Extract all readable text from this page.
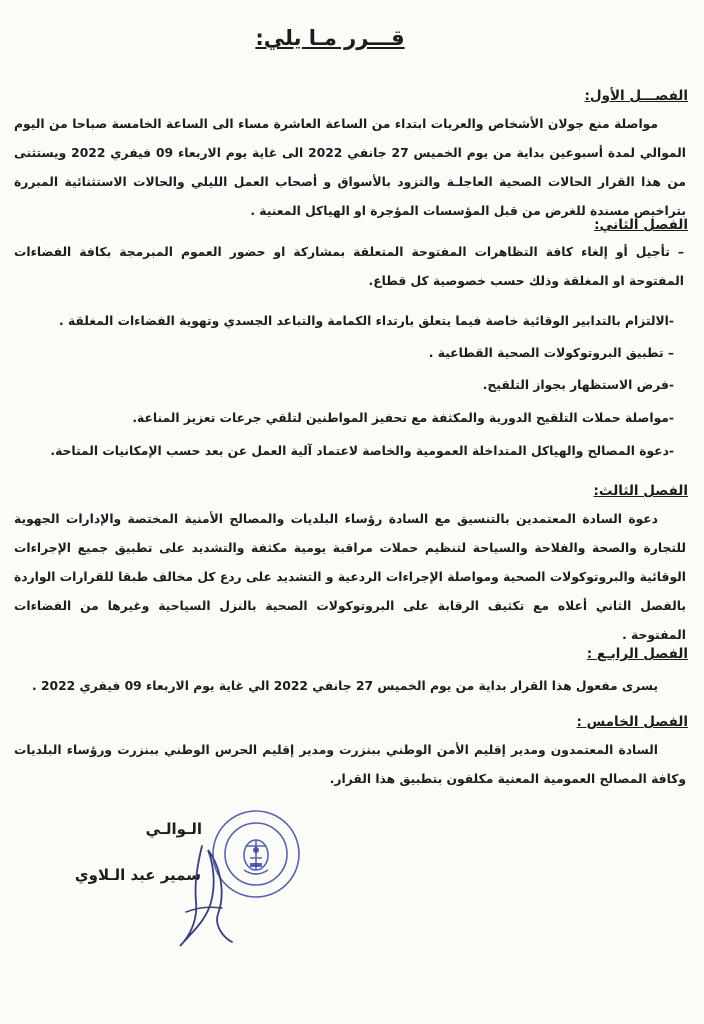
قـــرر مـا يلي:
الفصـــل الأول:
مواصلة منع جولان الأشخاص والعربات ابتداء من الساعة العاشرة مساء الى الساعة الخامسة صباحا من اليوم الموالي لمدة أسبوعين بداية من يوم الخميس 27 جانفي 2022 الى غاية يوم الاربعاء 09 فيفري 2022 ويستثنى من هذا القرار الحالات الصحية العاجلـة والتزود بالأسواق و أصحاب العمل الليلي والحالات الاستثنائية المبررة بتراخيص مسندة للغرض من قبل المؤسسات المؤجرة او الهياكل المعنية .
الفصل الثاني:
– تأجيل أو إلغاء كافة التظاهرات المفتوحة المتعلقة بمشاركة او حضور العموم المبرمجة بكافة الفضاءات المفتوحة او المغلقة وذلك حسب خصوصية كل قطاع.
-الالتزام بالتدابير الوقائية خاصة فيما يتعلق بارتداء الكمامة والتباعد الجسدي وتهوية الفضاءات المغلقة .
– تطبيق البروتوكولات الصحية القطاعية .
-فرض الاستظهار بجواز التلقيح.
-مواصلة حملات التلقيح الدورية والمكثفة مع تحفيز المواطنين لتلقي جرعات تعزيز المناعة.
-دعوة المصالح والهياكل المتداخلة العمومية والخاصة لاعتماد آلية العمل عن بعد حسب الإمكانيات المتاحة.
الفصل الثالث:
دعوة السادة المعتمدين بالتنسيق مع السادة رؤساء البلديات والمصالح الأمنية المختصة والإدارات الجهوية للتجارة والصحة والفلاحة والسياحة لتنظيم حملات مراقبة يومية مكثفة والتشديد على تطبيق جميع الإجراءات الوقائية والبروتوكولات الصحية ومواصلة الإجراءات الردعية و التشديد على ردع كل مخالف طبقا للقرارات الواردة بالفصل الثاني أعلاه مع تكثيف الرقابة على البروتوكولات الصحية بالنزل السياحية وغيرها من الفضاءات المفتوحة .
الفصل الرابـع :
يسرى مفعول هذا القرار بداية من يوم الخميس 27 جانفي 2022 الي غاية يوم الاربعاء 09 فيفري 2022 .
الفصل الخامس :
السادة المعتمدون ومدير إقليم الأمن الوطني ببنزرت ومدير إقليم الحرس الوطني ببنزرت ورؤساء البلديات وكافة المصالح العمومية المعنية مكلفون بتطبيق هذا القرار.
الـوالـي
سمير عبد الـلاوي
